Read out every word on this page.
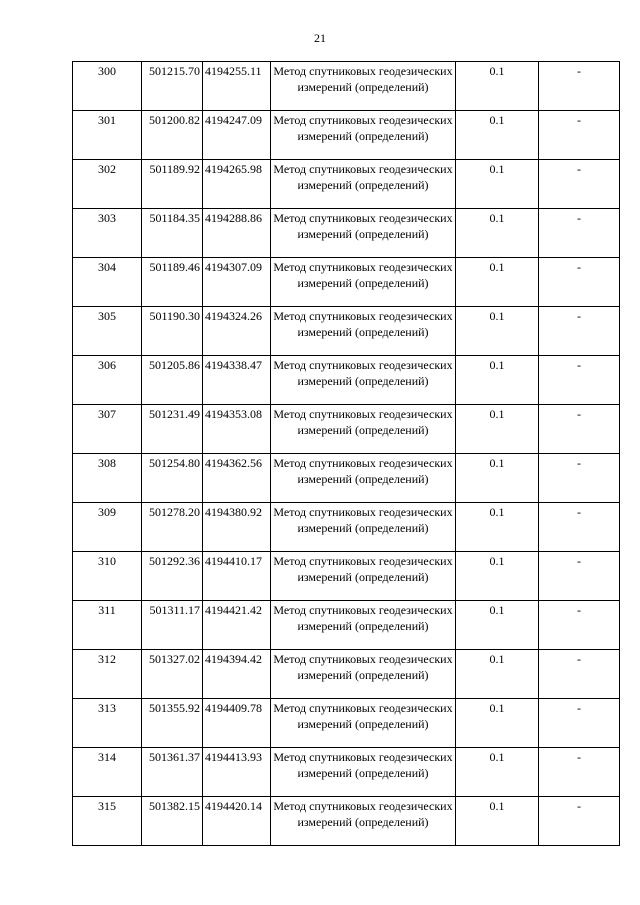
21
300	501215.70	4194255.11	Метод спутниковых геодезических измерений (определений)	0.1	-
301	501200.82	4194247.09	Метод спутниковых геодезических измерений (определений)	0.1	-
302	501189.92	4194265.98	Метод спутниковых геодезических измерений (определений)	0.1	-
303	501184.35	4194288.86	Метод спутниковых геодезических измерений (определений)	0.1	-
304	501189.46	4194307.09	Метод спутниковых геодезических измерений (определений)	0.1	-
305	501190.30	4194324.26	Метод спутниковых геодезических измерений (определений)	0.1	-
306	501205.86	4194338.47	Метод спутниковых геодезических измерений (определений)	0.1	-
307	501231.49	4194353.08	Метод спутниковых геодезических измерений (определений)	0.1	-
308	501254.80	4194362.56	Метод спутниковых геодезических измерений (определений)	0.1	-
309	501278.20	4194380.92	Метод спутниковых геодезических измерений (определений)	0.1	-
310	501292.36	4194410.17	Метод спутниковых геодезических измерений (определений)	0.1	-
311	501311.17	4194421.42	Метод спутниковых геодезических измерений (определений)	0.1	-
312	501327.02	4194394.42	Метод спутниковых геодезических измерений (определений)	0.1	-
313	501355.92	4194409.78	Метод спутниковых геодезических измерений (определений)	0.1	-
314	501361.37	4194413.93	Метод спутниковых геодезических измерений (определений)	0.1	-
315	501382.15	4194420.14	Метод спутниковых геодезических измерений (определений)	0.1	-
